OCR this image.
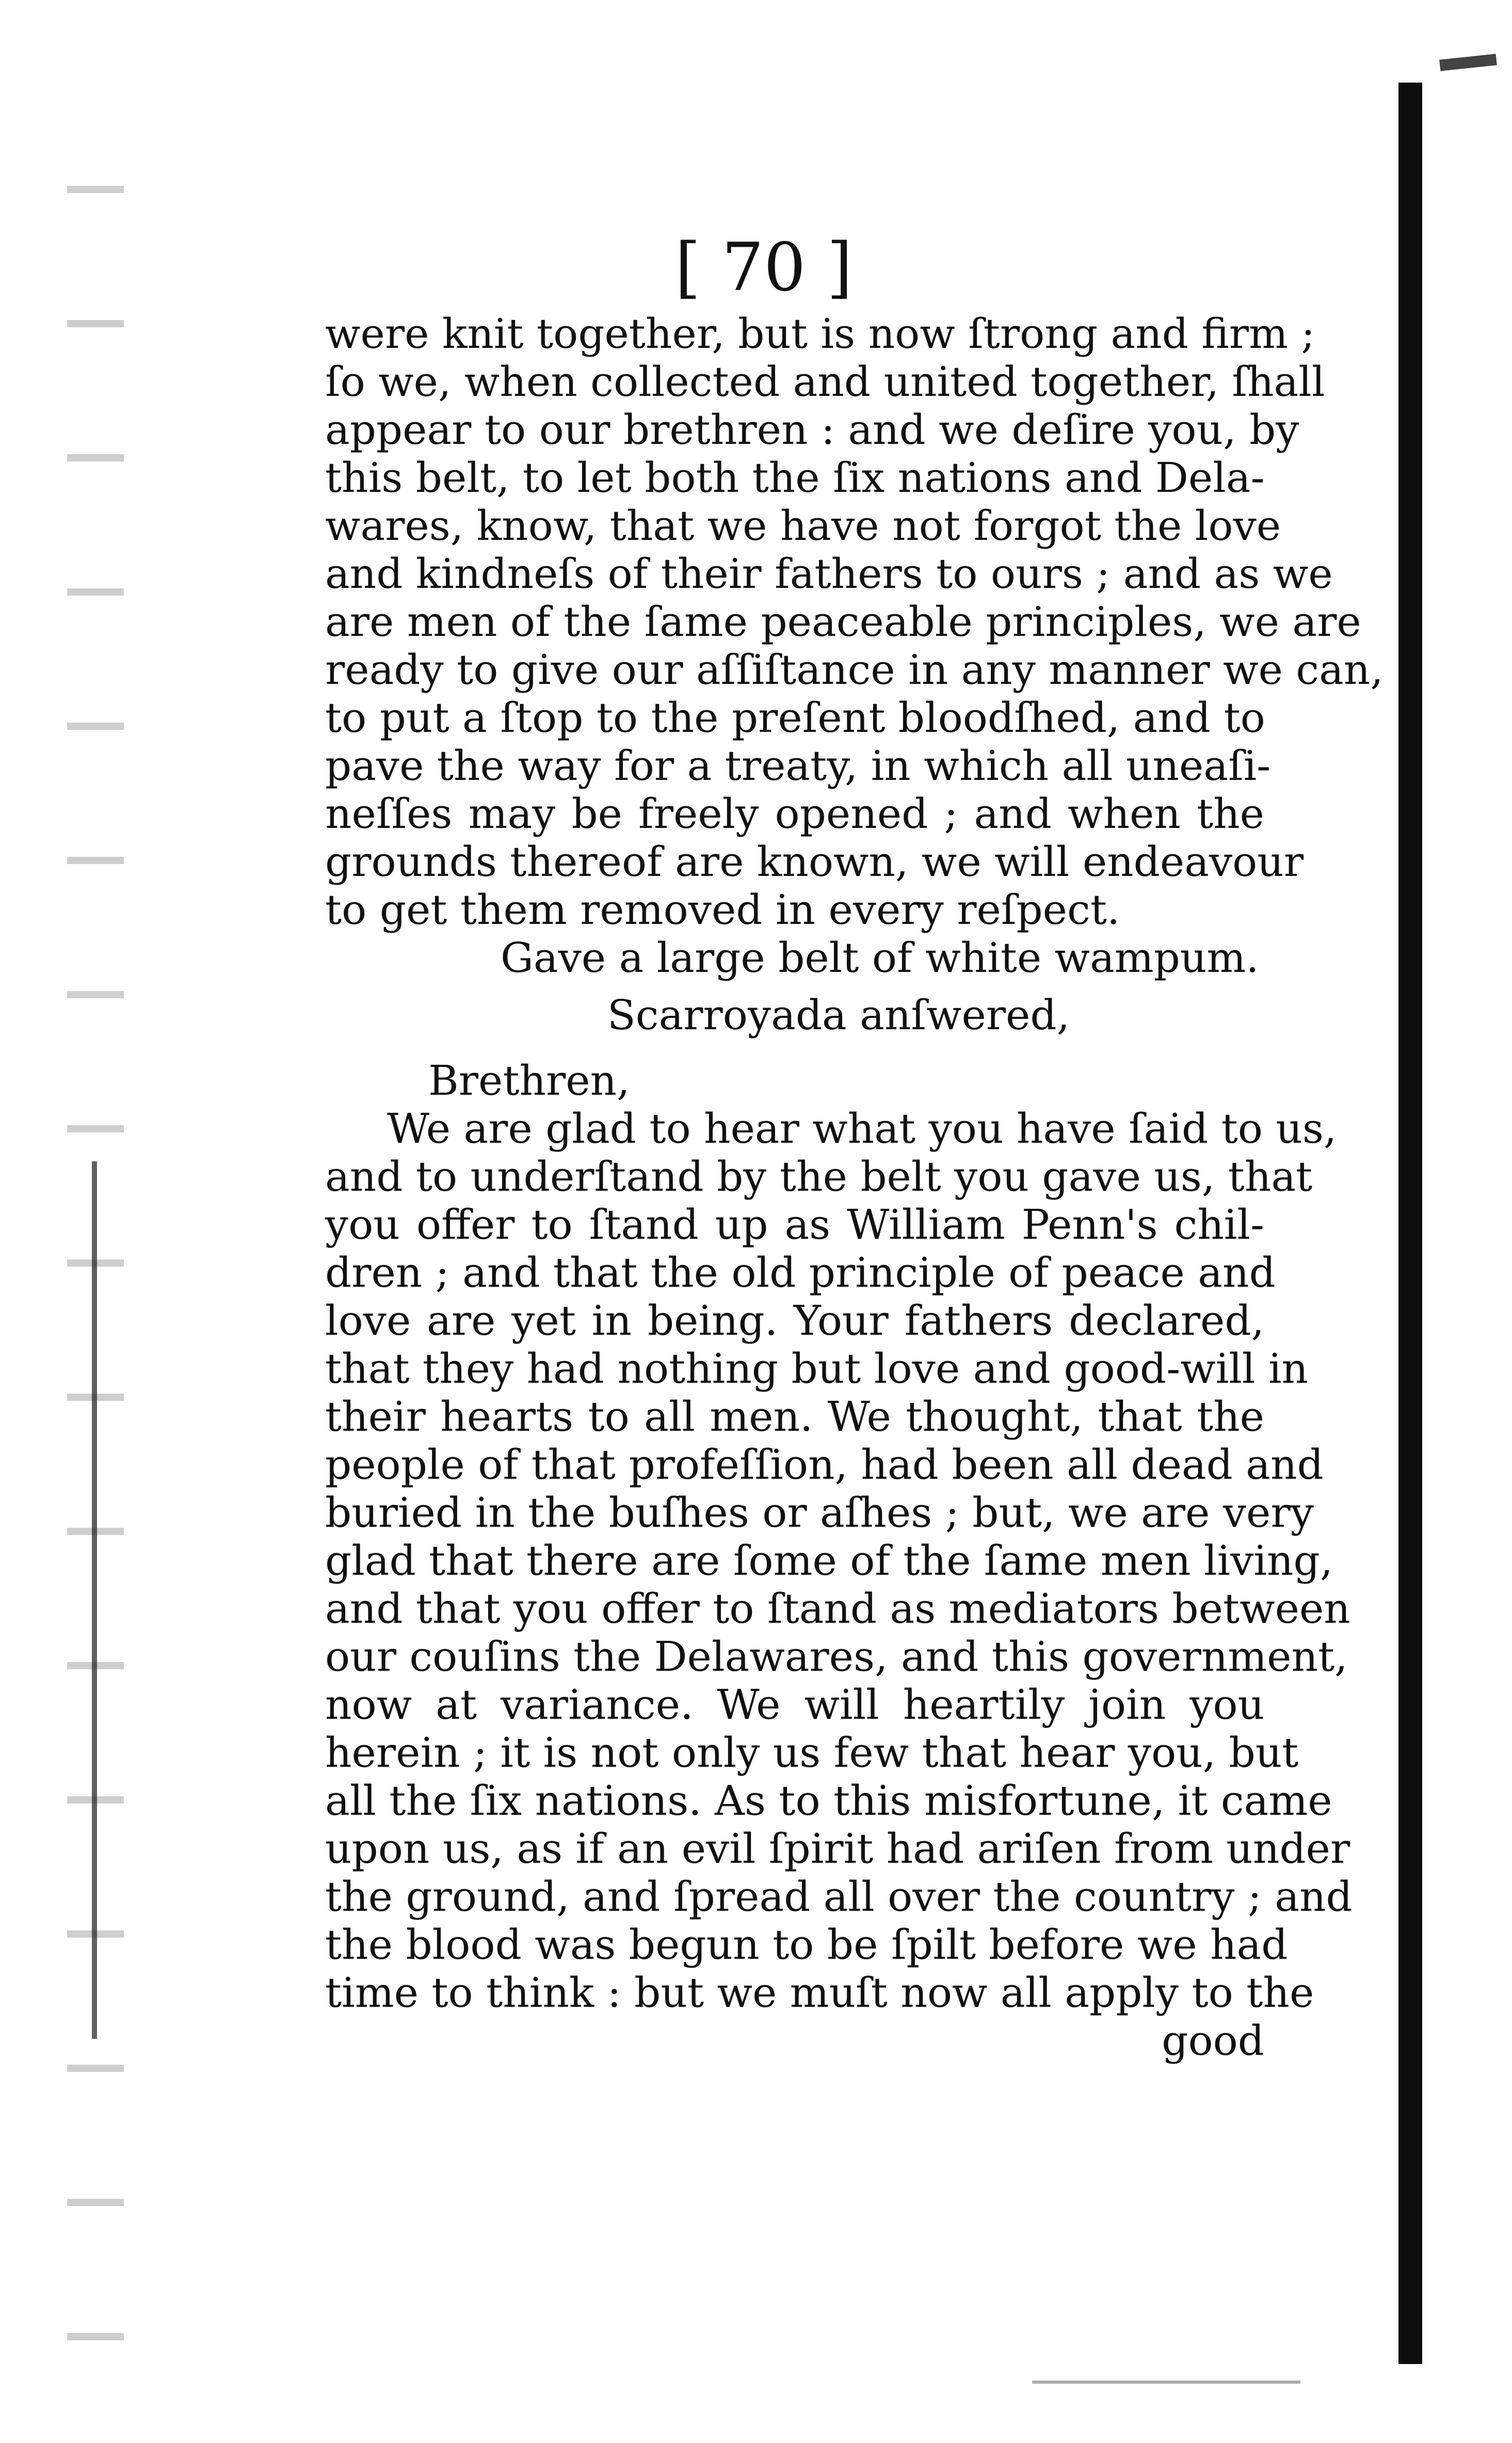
[ 70 ]
were knit together, but is now ſtrong and firm ;
ſo we, when collected and united together, ſhall
appear to our brethren : and we deſire you, by
this belt, to let both the ſix nations and Dela-
wares, know, that we have not forgot the love
and kindneſs of their fathers to ours ; and as we
are men of the ſame peaceable principles, we are
ready to give our aſſiſtance in any manner we can,
to put a ſtop to the preſent bloodſhed, and to
pave the way for a treaty, in which all uneaſi-
neſſes may be freely opened ; and when the
grounds thereof are known, we will endeavour
to get them removed in every reſpect.
Gave a large belt of white wampum.
Scarroyada anſwered,
Brethren,
We are glad to hear what you have ſaid to us,
and to underſtand by the belt you gave us, that
you offer to ſtand up as William Penn's chil-
dren ; and that the old principle of peace and
love are yet in being. Your fathers declared,
that they had nothing but love and good-will in
their hearts to all men. We thought, that the
people of that profeſſion, had been all dead and
buried in the buſhes or aſhes ; but, we are very
glad that there are ſome of the ſame men living,
and that you offer to ſtand as mediators between
our couſins the Delawares, and this government,
now at variance. We will heartily join you
herein ; it is not only us few that hear you, but
all the ſix nations. As to this misfortune, it came
upon us, as if an evil ſpirit had ariſen from under
the ground, and ſpread all over the country ; and
the blood was begun to be ſpilt before we had
time to think : but we muſt now all apply to the
good
